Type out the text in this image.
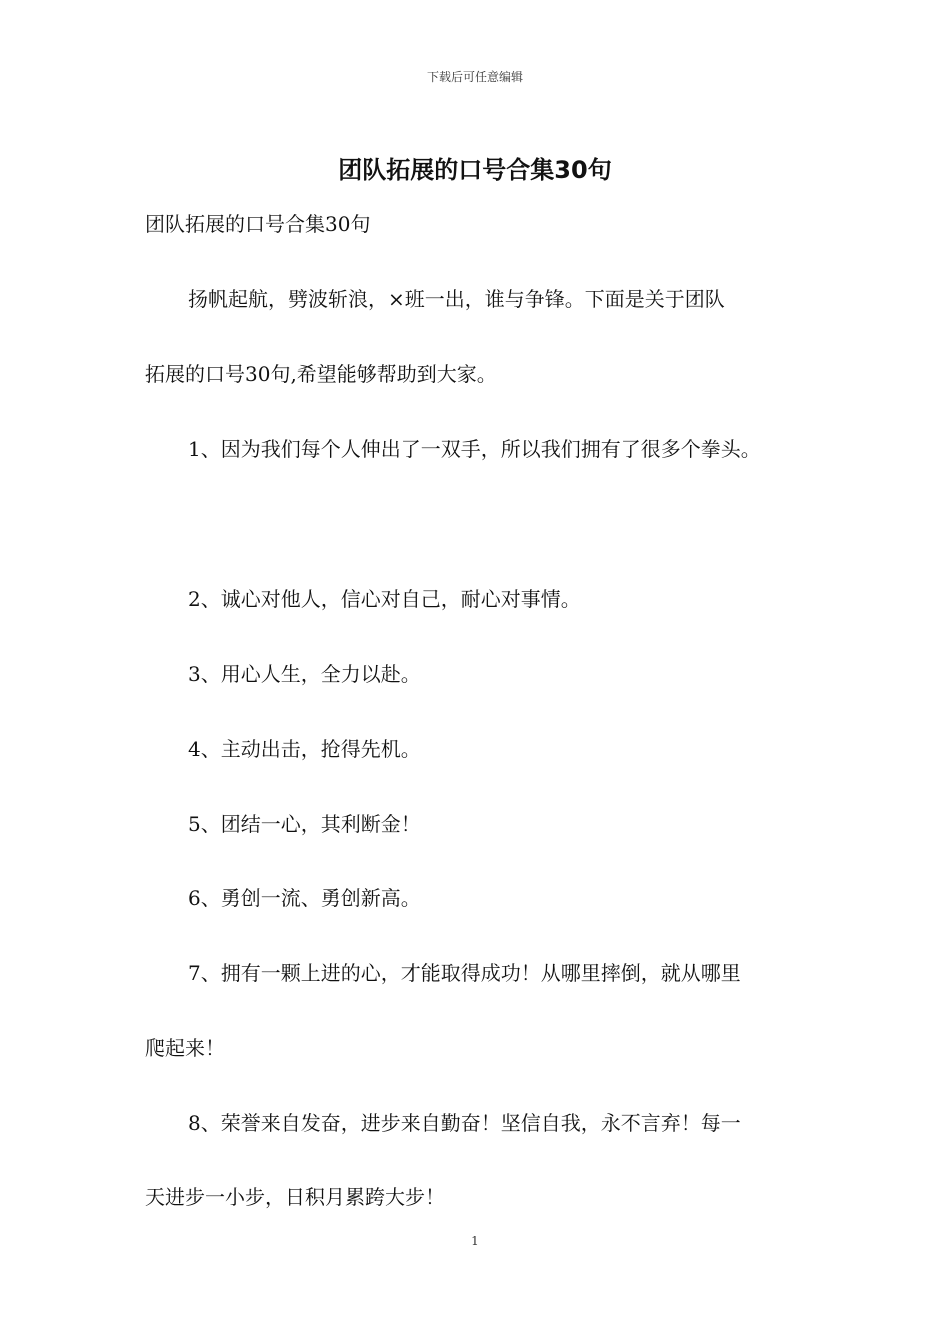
下载后可任意编辑
团队拓展的口号合集30句
团队拓展的口号合集30句
扬帆起航，劈波斩浪，×班一出，谁与争锋。下面是关于团队
拓展的口号30句,希望能够帮助到大家。
1、因为我们每个人伸出了一双手，所以我们拥有了很多个拳头。
2、诚心对他人，信心对自己，耐心对事情。
3、用心人生，全力以赴。
4、主动出击，抢得先机。
5、团结一心，其利断金！
6、勇创一流、勇创新高。
7、拥有一颗上进的心，才能取得成功！从哪里摔倒，就从哪里
爬起来！
8、荣誉来自发奋，进步来自勤奋！坚信自我，永不言弃！每一
天进步一小步，日积月累跨大步！
1
